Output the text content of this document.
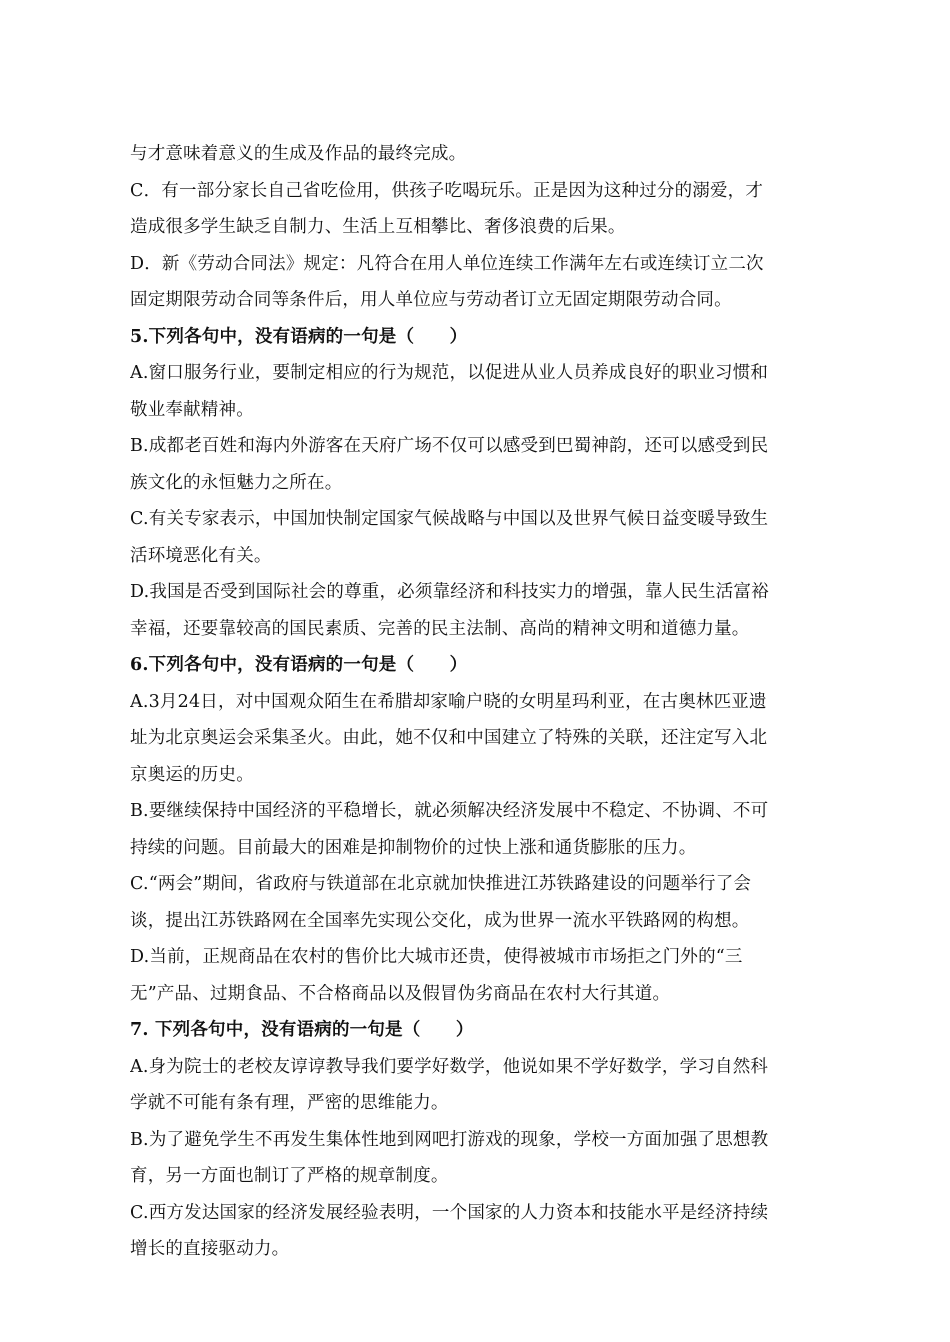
与才意味着意义的生成及作品的最终完成。
C．有一部分家长自己省吃俭用，供孩子吃喝玩乐。正是因为这种过分的溺爱，才
造成很多学生缺乏自制力、生活上互相攀比、奢侈浪费的后果。
D．新《劳动合同法》规定：凡符合在用人单位连续工作满年左右或连续订立二次
固定期限劳动合同等条件后，用人单位应与劳动者订立无固定期限劳动合同。
5.下列各句中，没有语病的一句是（　　）
A.窗口服务行业，要制定相应的行为规范，以促进从业人员养成良好的职业习惯和
敬业奉献精神。
B.成都老百姓和海内外游客在天府广场不仅可以感受到巴蜀神韵，还可以感受到民
族文化的永恒魅力之所在。
C.有关专家表示，中国加快制定国家气候战略与中国以及世界气候日益变暖导致生
活环境恶化有关。
D.我国是否受到国际社会的尊重，必须靠经济和科技实力的增强，靠人民生活富裕
幸福，还要靠较高的国民素质、完善的民主法制、高尚的精神文明和道德力量。
6.下列各句中，没有语病的一句是（　　）
A.3月24日，对中国观众陌生在希腊却家喻户晓的女明星玛利亚，在古奥林匹亚遗
址为北京奥运会采集圣火。由此，她不仅和中国建立了特殊的关联，还注定写入北
京奥运的历史。
B.要继续保持中国经济的平稳增长，就必须解决经济发展中不稳定、不协调、不可
持续的问题。目前最大的困难是抑制物价的过快上涨和通货膨胀的压力。
C.“两会”期间，省政府与铁道部在北京就加快推进江苏铁路建设的问题举行了会
谈，提出江苏铁路网在全国率先实现公交化，成为世界一流水平铁路网的构想。
D.当前，正规商品在农村的售价比大城市还贵，使得被城市市场拒之门外的“三
无”产品、过期食品、不合格商品以及假冒伪劣商品在农村大行其道。
7. 下列各句中，没有语病的一句是（　　）
A.身为院士的老校友谆谆教导我们要学好数学，他说如果不学好数学，学习自然科
学就不可能有条有理，严密的思维能力。
B.为了避免学生不再发生集体性地到网吧打游戏的现象，学校一方面加强了思想教
育，另一方面也制订了严格的规章制度。
C.西方发达国家的经济发展经验表明，一个国家的人力资本和技能水平是经济持续
增长的直接驱动力。
